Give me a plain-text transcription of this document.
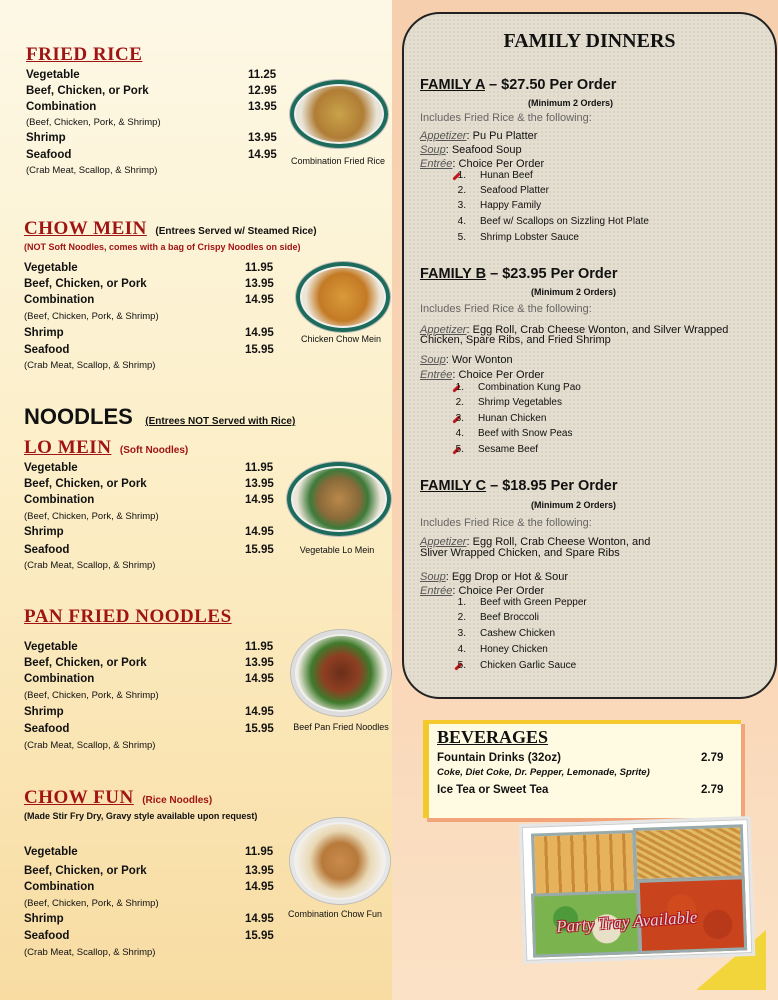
FRIED RICE
Vegetable	11.25
Beef, Chicken, or Pork	12.95
Combination	13.95
(Beef, Chicken, Pork, & Shrimp)
Shrimp	13.95
Seafood	14.95
(Crab Meat, Scallop, & Shrimp)
Combination Fried Rice
CHOW MEIN (Entrees Served w/ Steamed Rice)
(NOT Soft Noodles, comes with a bag of Crispy Noodles on side)
Vegetable	11.95
Beef, Chicken, or Pork	13.95
Combination	14.95
(Beef, Chicken, Pork, & Shrimp)
Shrimp	14.95
Seafood	15.95
(Crab Meat, Scallop, & Shrimp)
Chicken Chow Mein
NOODLES (Entrees NOT Served with Rice)
LO MEIN (Soft Noodles)
Vegetable	11.95
Beef, Chicken, or Pork	13.95
Combination	14.95
(Beef, Chicken, Pork, & Shrimp)
Shrimp	14.95
Seafood	15.95
(Crab Meat, Scallop, & Shrimp)
Vegetable Lo Mein
PAN FRIED NOODLES
Vegetable	11.95
Beef, Chicken, or Pork	13.95
Combination	14.95
(Beef, Chicken, Pork, & Shrimp)
Shrimp	14.95
Seafood	15.95
(Crab Meat, Scallop, & Shrimp)
Beef Pan Fried Noodles
CHOW FUN (Rice Noodles)
(Made Stir Fry Dry, Gravy style available upon request)
Vegetable	11.95
Beef, Chicken, or Pork	13.95
Combination	14.95
(Beef, Chicken, Pork, & Shrimp)
Shrimp	14.95
Seafood	15.95
(Crab Meat, Scallop, & Shrimp)
Combination Chow Fun
FAMILY DINNERS
FAMILY A – $27.50 Per Order
(Minimum 2 Orders)
Includes Fried Rice & the following:
Appetizer: Pu Pu Platter
Soup: Seafood Soup
Entrée: Choice Per Order
1. Hunan Beef
2. Seafood Platter
3. Happy Family
4. Beef w/ Scallops on Sizzling Hot Plate
5. Shrimp Lobster Sauce
FAMILY B – $23.95 Per Order
(Minimum 2 Orders)
Includes Fried Rice & the following:
Appetizer: Egg Roll, Crab Cheese Wonton, and Silver Wrapped
Chicken, Spare Ribs, and Fried Shrimp
Soup: Wor Wonton
Entrée: Choice Per Order
1. Combination Kung Pao
2. Shrimp Vegetables
3. Hunan Chicken
4. Beef with Snow Peas
5. Sesame Beef
FAMILY C – $18.95 Per Order
(Minimum 2 Orders)
Includes Fried Rice & the following:
Appetizer: Egg Roll, Crab Cheese Wonton, and
Sliver Wrapped Chicken, and Spare Ribs
Soup: Egg Drop or Hot & Sour
Entrée: Choice Per Order
1. Beef with Green Pepper
2. Beef Broccoli
3. Cashew Chicken
4. Honey Chicken
5. Chicken Garlic Sauce
BEVERAGES
Fountain Drinks (32oz)	2.79
Coke, Diet Coke, Dr. Pepper, Lemonade, Sprite)
Ice Tea or Sweet Tea	2.79
Party Tray Available
